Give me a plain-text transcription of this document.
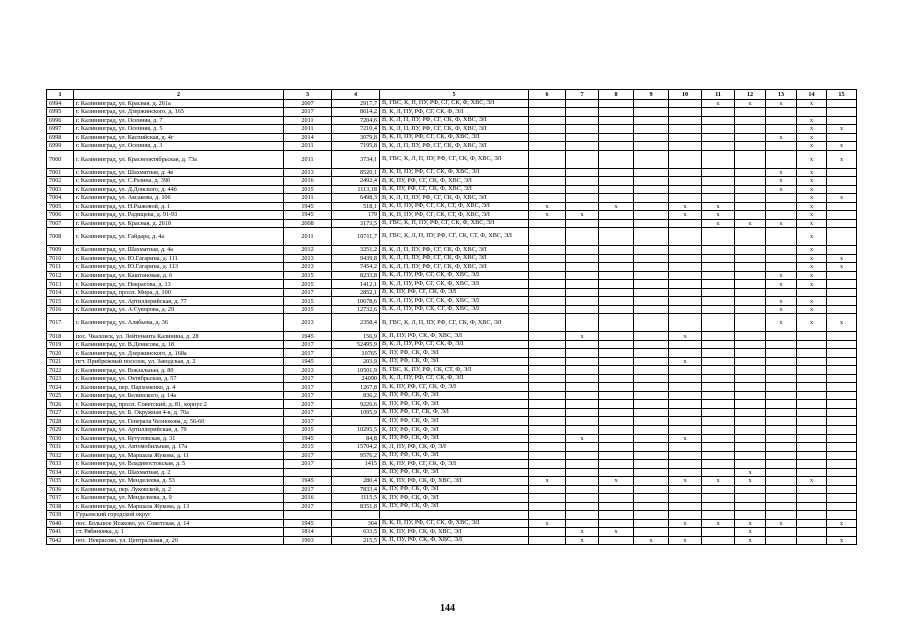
1	2	3	4	5	6	7	8	9	10	11	12	13	14	15
6994	г. Калининград, ул. Красная, д. 261а	2007	2917,7	В, ГВС, К, П, ПУ, РФ, СГ, СК, Ф, ХВС, ЭЛ						x	x	x	x	
6995	г. Калининград, ул. Дзержинского, д. 165	2017	8614,2	В, К, Л, ПУ, РФ, СГ, СК, Ф, ЭЛ										
6996	г. Калининград, ул. Осенняя, д. 7	2011	7204,6	В, К, Л, П, ПУ, РФ, СГ, СК, Ф, ХВС, ЭЛ									x	
6997	г. Калининград, ул. Осенняя, д. 5	2011	7210,4	В, К, Л, П, ПУ, РФ, СГ, СК, Ф, ХВС, ЭЛ									x	x
6998	г. Калининград, ул. Каспийская, д. 4г	2014	3079,8	В, К, П, ПУ, РФ, СГ, СК, Ф, ХВС, ЭЛ								x	x	
6999	г. Калининград, ул. Осенняя, д. 3	2011	7195,8	В, К, Л, П, ПУ, РФ, СГ, СК, Ф, ХВС, ЭЛ									x	x
7000	г. Калининград, ул. Краснооктябрьская, д. 73а	2011	3734,1	В, ГВС, К, Л, П, ПУ, РФ, СГ, СК, Ф, ХВС, ЭЛ									x	x
7001	г. Калининград, ул. Шахматная, д. 4в	2013	8520,1	В, К, П, ПУ, РФ, СГ, СК, Ф, ХВС, ЭЛ								x	x	
7002	г. Калининград, ул. С.Разина, д. 39б	2016	2492,4	В, К, ПУ, РФ, СГ, СК, Ф, ХВС, ЭЛ								x	x	
7003	г. Калининград, ул. Д.Донского, д. 44б	2015	1113,18	В, К, ПУ, РФ, СГ, СК, Ф, ХВС, ЭЛ								x	x	
7004	г. Калининград, ул. Аксакова, д. 106	2011	6498,3	В, К, Л, П, ПУ, РФ, СГ, СК, Ф, ХВС, ЭЛ									x	x
7005	г. Калининград, ул. Н.Рыжовой, д. 1	1945	518,1	В, К, П, ПУ, РФ, СГ, СК, СТ, Ф, ХВС, ЭЛ	x		x		x	x			x	
7006	г. Калининград, ул. Радищева, д. 91-93	1945	179	В, К, П, ПУ, РФ, СГ, СК, СТ, Ф, ХВС, ЭЛ	x	x			x	x			x	
7007	г. Калининград, ул. Красная, д. 261б	2008	3173,5	В, ГВС, К, П, ПУ, РФ, СГ, СК, Ф, ХВС, ЭЛ						x	x	x	x	
7008	г. Калининград, ул. Гайдара, д. 4а	2011	10711,7	В, ГВС, К, Л, П, ПУ, РФ, СГ, СК, СТ, Ф, ХВС, ЭЛ									x	
7009	г. Калининград, ул. Шахматная, д. 4а	2012	3251,2	В, К, Л, П, ПУ, РФ, СГ, СК, Ф, ХВС, ЭЛ									x	
7010	г. Калининград, ул. Ю.Гагарина, д. 111	2013	9439,8	В, К, Л, П, ПУ, РФ, СГ, СК, Ф, ХВС, ЭЛ									x	x
7011	г. Калининград, ул. Ю.Гагарина, д. 113	2013	7454,2	В, К, Л, П, ПУ, РФ, СГ, СК, Ф, ХВС, ЭЛ									x	x
7012	г. Калининград, ул. Каштановая, д. 6	2015	8233,8	В, К, Л, ПУ, РФ, СГ, СК, Ф, ХВС, ЭЛ								x	x	
7013	г. Калининград, ул. Некрасова, д. 13	2015	1412,1	В, К, Л, ПУ, РФ, СГ, СК, Ф, ХВС, ЭЛ								x	x	
7014	г. Калининград, просп. Мира, д. 100	2017	2852,1	В, К, ПУ, РФ, СГ, СК, Ф, ЭЛ										
7015	г. Калининград, ул. Артиллерийская, д. 77	2015	10678,6	В, К, Л, ПУ, РФ, СГ, СК, Ф, ХВС, ЭЛ								x	x	
7016	г. Калининград, ул. А.Суворова, д. 29	2015	12732,6	В, К, Л, ПУ, РФ, СК, СГ, Ф, ХВС, ЭЛ								x	x	
7017	г. Калининград, ул. Алябьева, д. 36	2013	2358,4	В, ГВС, К, Л, П, ПУ, РФ, СГ, СК, Ф, ХВС, ЭЛ								x	x	x
7018	пос. Чкаловск, ул. Лейтенанта Калинина, д. 28	1945	156,9	К, П, ПУ, РФ, СК, Ф, ХВС, ЭЛ		x			x					
7019	г. Калининград, ул. В.Денисова, д. 18	2017	52495,9	В, К, Л, ПУ, РФ, СГ, СК, Ф, ЭЛ										
7020	г. Калининград, ул. Дзержинского, д. 168а	2017	10765	К, ПУ, РФ, СК, Ф, ЭЛ										
7021	пгт. Прибрежный поселок, ул. Заводская, д. 2	1945	203,9	К, ПУ, РФ, СК, Ф, ЭЛ					x					
7022	г. Калининград, ул. Вокзальная, д. 80	2013	10501,9	В, ГВС, К, ПУ, РФ, СК, СТ, Ф, ЭЛ										
7023	г. Калининград, ул. Октябрьская, д. 57	2017	24090	В, К, Л, ПУ, РФ, СГ, СК, Ф, ЭЛ										
7024	г. Калининград, пер. Пархоменко, д. 4	2017	1267,8	В, К, ПУ, РФ, СГ, СК, Ф, ЭЛ										
7025	г. Калининград, ул. Белинского, д. 14а	2017	836,2	К, ПУ, РФ, СК, Ф, ЭЛ										
7026	г. Калининград, просп. Советский, д. 81, корпус 2	2017	9226,6	К, ПУ, РФ, СК, Ф, ЭЛ										
7027	г. Калининград, ул. Б. Окружная 4-я, д. 70а	2017	1095,9	К, ПУ, РФ, СГ, СК, Ф, ЭЛ										
7028	г. Калининград, ул. Генерала Челнокова, д. 56-60	2017		К, ПУ, РФ, СК, Ф, ЭЛ										
7029	г. Калининград, ул. Артиллерийская, д. 79	2015	10295,5	К, ПУ, РФ, СК, Ф, ЭЛ										
7030	г. Калининград, ул. Кутузовская, д. 31	1945	84,8	К, ПУ, РФ, СК, Ф, ЭЛ		x			x					
7031	г. Калининград, ул. Автомобильная, д. 17а	2015	15704,2	К, Л, ПУ, РФ, СК, Ф, ЭЛ										
7032	г. Калининград, ул. Маршала Жукова, д. 11	2017	9576,2	К, ПУ, РФ, СК, Ф, ЭЛ										
7033	г. Калининград, ул. Владивостокская, д. 5	2017	1415	В, К, ПУ, РФ, СГ, СК, Ф, ЭЛ										
7034	г. Калининград, ул. Шахматная, д. 2			К, ПУ, РФ, СК, Ф, ЭЛ							x			
7035	г. Калининград, ул. Менделеева, д. 53	1945	280,4	В, К, ПУ, РФ, СК, Ф, ХВС, ЭЛ	x		x		x	x	x		x	
7036	г. Калининград, пер. Луковской, д. 2	2017	7833,4	К, ПУ, РФ, СК, Ф, ЭЛ										
7037	г. Калининград, ул. Менделеева, д. 9	2016	1115,5	К, ПУ, РФ, СК, Ф, ЭЛ										
7038	г. Калининград, ул. Маршала Жукова, д. 13	2017	8351,8	К, ПУ, РФ, СК, Ф, ЭЛ										
7039	Гурьевский городской округ													
7040	пос. Большое Исаково, ул. Советская, д. 14	1945	364	В, К, П, ПУ, РФ, СГ, СК, Ф, ХВС, ЭЛ	x				x	x	x	x		x
7041	ст. Рябиновка, д. 1	1814	633,5	В, К, ПУ, РФ, СК, Ф, ХВС, ЭЛ		x	x				x			
7042	пос. Некрасово, ул. Центральная, д. 26	1903	215,5	К, П, ПУ, РФ, СК, Ф, ХВС, ЭЛ		x		x	x		x			x
144
